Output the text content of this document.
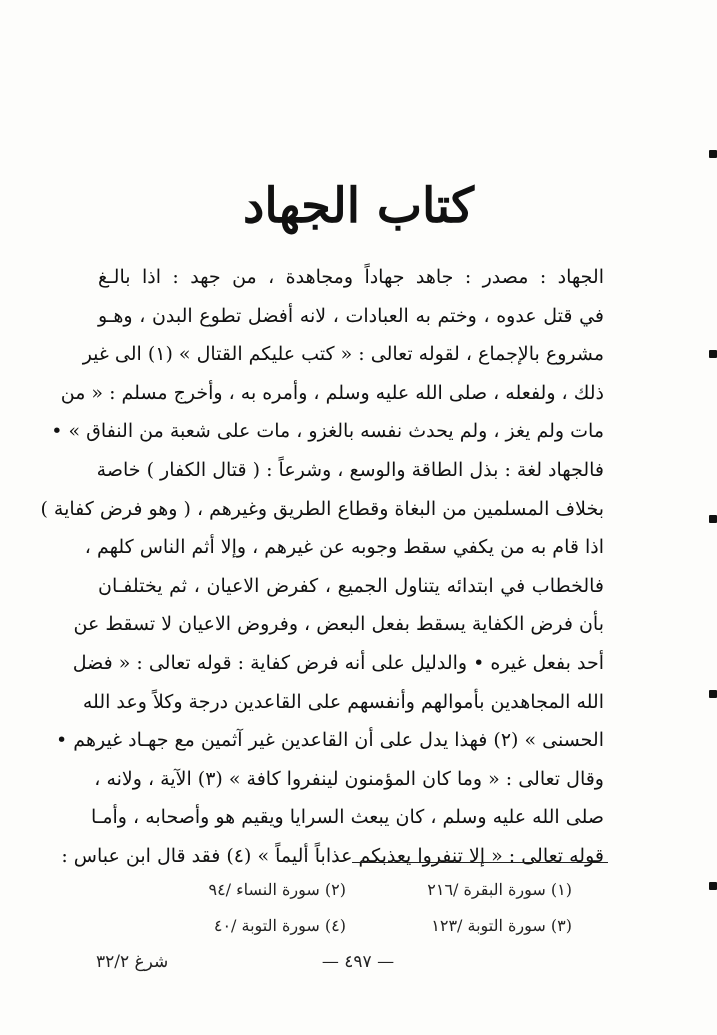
كتاب الجهاد
الجهاد : مصدر : جاهد جهاداً ومجاهدة ، من جهد : اذا بالـغ
في قتل عدوه ، وختم به العبادات ، لانه أفضل تطوع البدن ، وهـو
مشروع بالإجماع ، لقوله تعالى : « كتب عليكم القتال » (١) الى غير
ذلك ، ولفعله ، صلى الله عليه وسلم ، وأمره به ، وأخرج مسلم : « من
مات ولم يغز ، ولم يحدث نفسه بالغزو ، مات على شعبة من النفاق » •
فالجهاد لغة : بذل الطاقة والوسع ، وشرعاً : ( قتال الكفار ) خاصة
بخلاف المسلمين من البغاة وقطاع الطريق وغيرهم ، ( وهو فرض كفاية )
اذا قام به من يكفي سقط وجوبه عن غيرهم ، وإلا أثم الناس كلهم ،
فالخطاب في ابتدائه يتناول الجميع ، كفرض الاعيان ، ثم يختلفـان
بأن فرض الكفاية يسقط بفعل البعض ، وفروض الاعيان لا تسقط عن
أحد بفعل غيره • والدليل على أنه فرض كفاية : قوله تعالى : « فضل
الله المجاهدين بأموالهم وأنفسهم على القاعدين درجة وكلاً وعد الله
الحسنى » (٢) فهذا يدل على أن القاعدين غير آثمين مع جهـاد غيرهم •
وقال تعالى : « وما كان المؤمنون لينفروا كافة » (٣) الآية ، ولانه ،
صلى الله عليه وسلم ، كان يبعث السرايا ويقيم هو وأصحابه ، وأمـا
قوله تعالى : « إلا تنفروا يعذبكم عذاباً أليماً » (٤) فقد قال ابن عباس :
(١) سورة البقرة /٢١٦
(٢) سورة النساء /٩٤
(٣) سورة التوبة /١٢٣
(٤) سورة التوبة /٤٠
شرغ ٣٢/٢	— ٤٩٧ —
